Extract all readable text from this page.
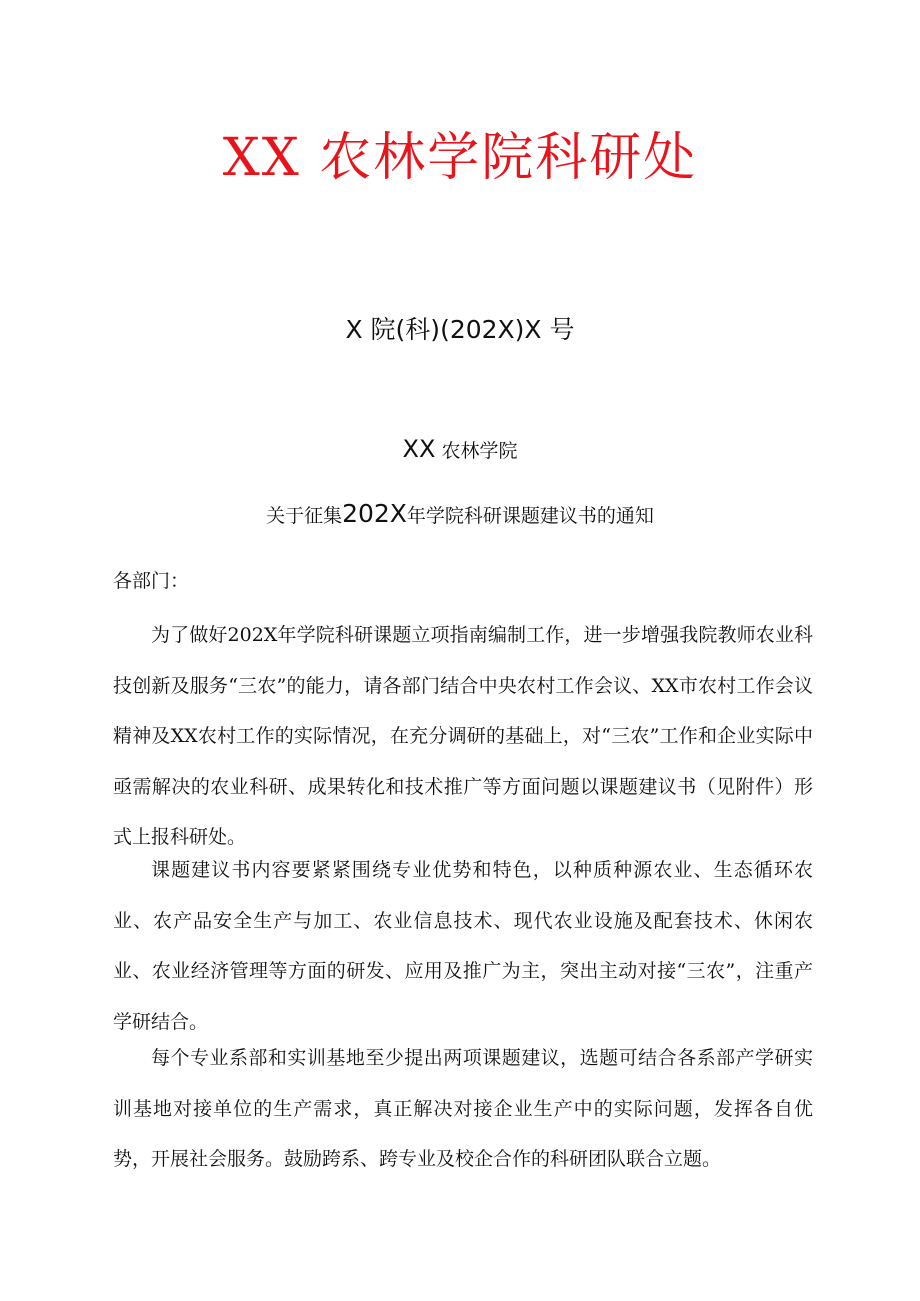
XX 农林学院科研处
X 院(科)(202X)X 号
XX 农林学院
关于征集202X年学院科研课题建议书的通知
各部门：

为了做好202X年学院科研课题立项指南编制工作，进一步增强我院教师农业科技创新及服务“三农”的能力，请各部门结合中央农村工作会议、XX市农村工作会议精神及XX农村工作的实际情况，在充分调研的基础上，对“三农”工作和企业实际中亟需解决的农业科研、成果转化和技术推广等方面问题以课题建议书（见附件）形式上报科研处。

课题建议书内容要紧紧围绕专业优势和特色，以种质种源农业、生态循环农业、农产品安全生产与加工、农业信息技术、现代农业设施及配套技术、休闲农业、农业经济管理等方面的研发、应用及推广为主，突出主动对接“三农”，注重产学研结合。

每个专业系部和实训基地至少提出两项课题建议，选题可结合各系部产学研实训基地对接单位的生产需求，真正解决对接企业生产中的实际问题，发挥各自优势，开展社会服务。鼓励跨系、跨专业及校企合作的科研团队联合立题。
